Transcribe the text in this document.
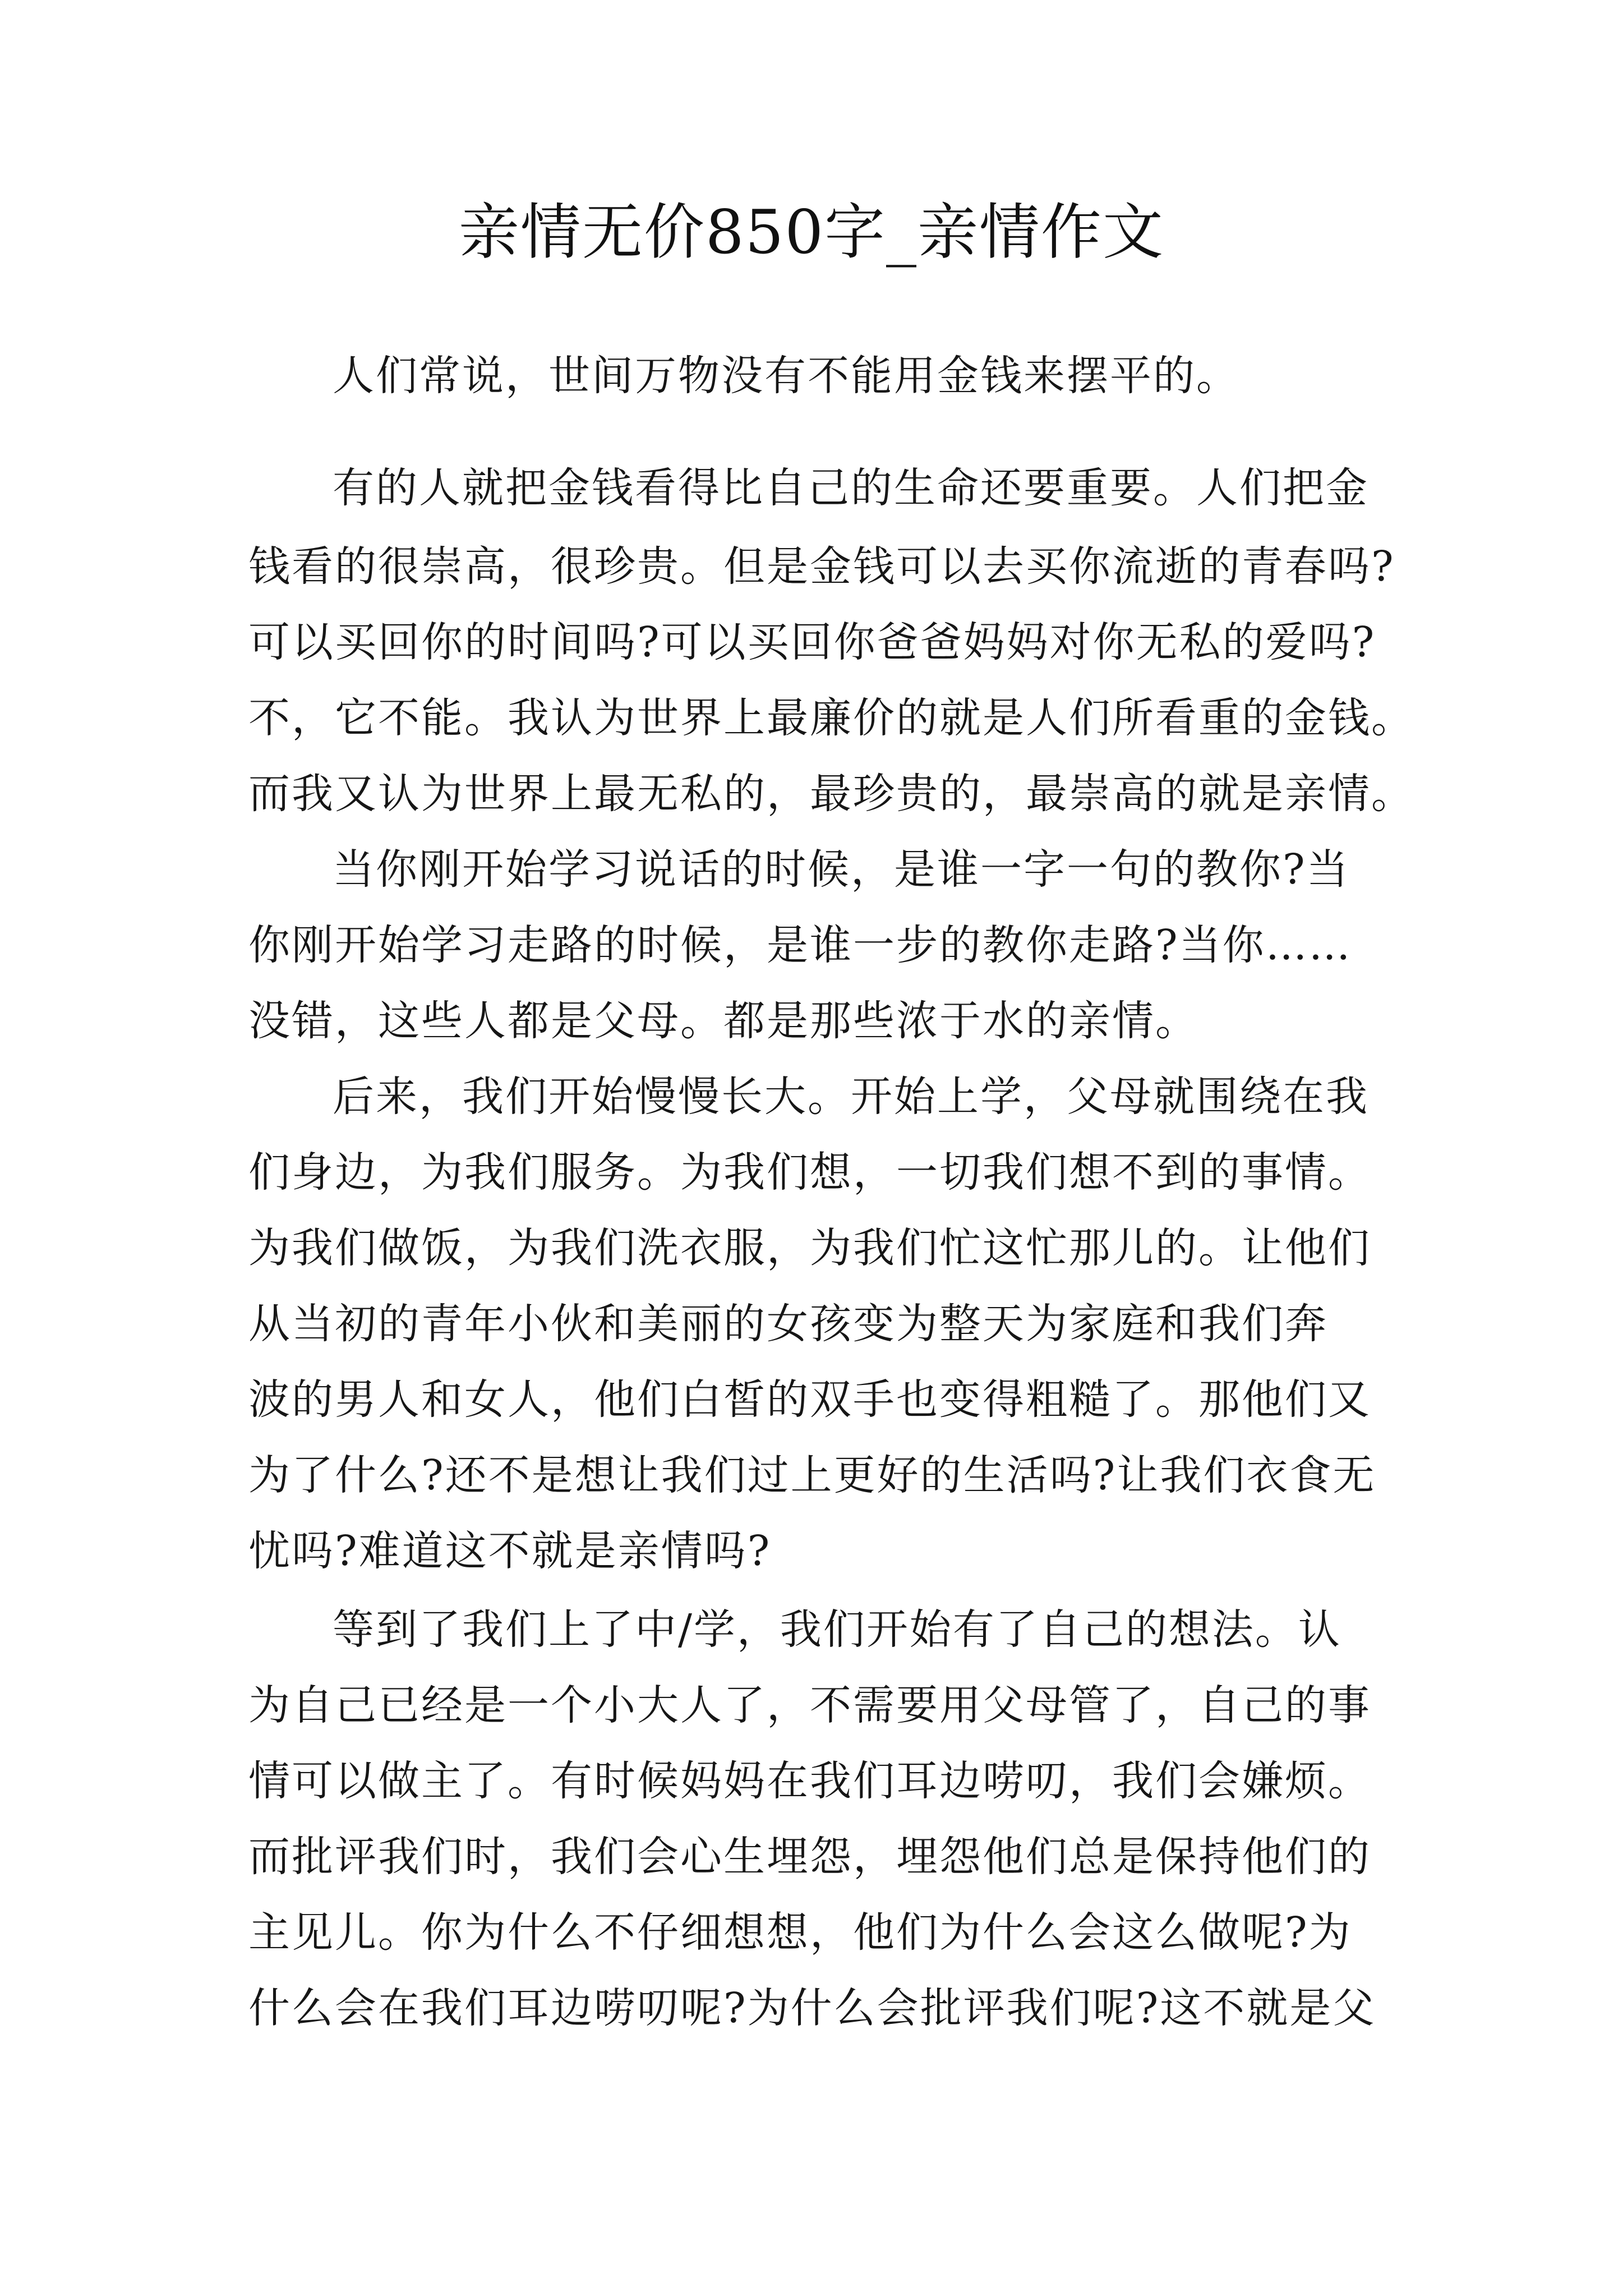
亲情无价850字_亲情作文
人们常说，世间万物没有不能用金钱来摆平的。
有的人就把金钱看得比自己的生命还要重要。人们把金
钱看的很崇高，很珍贵。但是金钱可以去买你流逝的青春吗?
可以买回你的时间吗?可以买回你爸爸妈妈对你无私的爱吗?
不，它不能。我认为世界上最廉价的就是人们所看重的金钱。
而我又认为世界上最无私的，最珍贵的，最崇高的就是亲情。
当你刚开始学习说话的时候，是谁一字一句的教你?当
你刚开始学习走路的时候，是谁一步的教你走路?当你……
没错，这些人都是父母。都是那些浓于水的亲情。
后来，我们开始慢慢长大。开始上学，父母就围绕在我
们身边，为我们服务。为我们想，一切我们想不到的事情。
为我们做饭，为我们洗衣服，为我们忙这忙那儿的。让他们
从当初的青年小伙和美丽的女孩变为整天为家庭和我们奔
波的男人和女人，他们白皙的双手也变得粗糙了。那他们又
为了什么?还不是想让我们过上更好的生活吗?让我们衣食无
忧吗?难道这不就是亲情吗?
等到了我们上了中/学，我们开始有了自己的想法。认
为自己已经是一个小大人了，不需要用父母管了，自己的事
情可以做主了。有时候妈妈在我们耳边唠叨，我们会嫌烦。
而批评我们时，我们会心生埋怨，埋怨他们总是保持他们的
主见儿。你为什么不仔细想想，他们为什么会这么做呢?为
什么会在我们耳边唠叨呢?为什么会批评我们呢?这不就是父
